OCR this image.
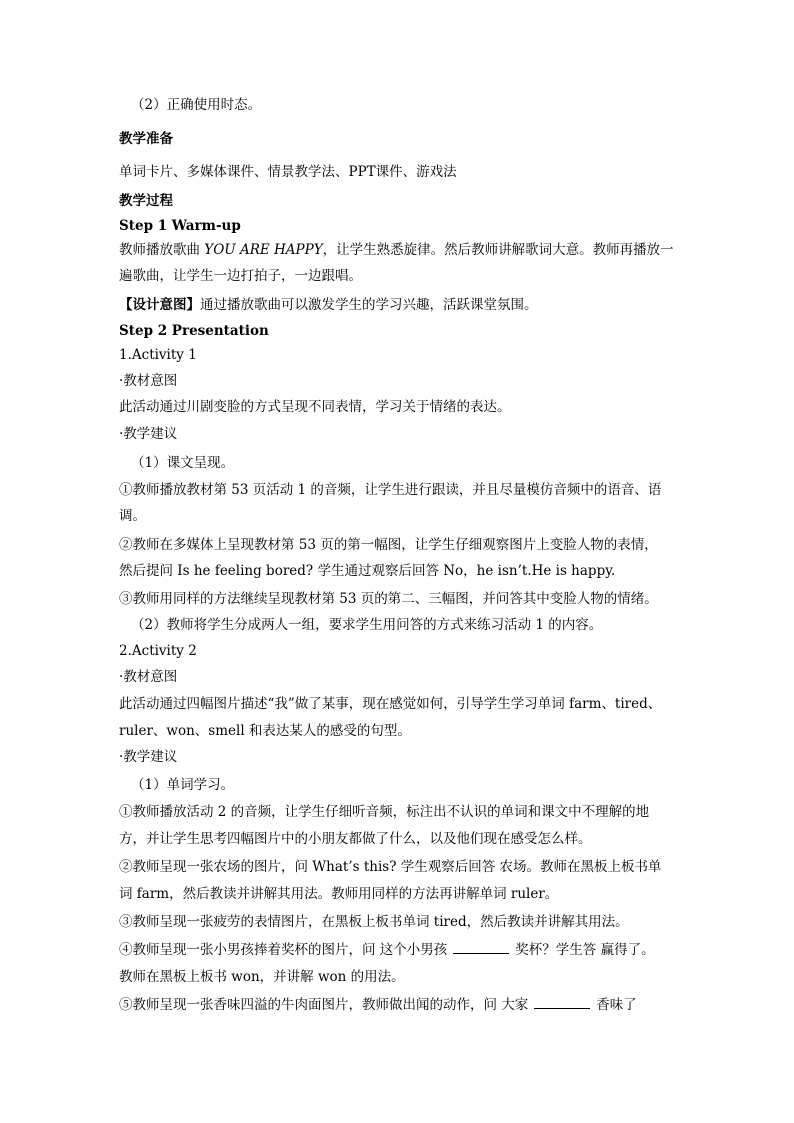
（2）正确使用时态。
教学准备
单词卡片、多媒体课件、情景教学法、PPT课件、游戏法
教学过程
Step 1 Warm-up
教师播放歌曲 YOU ARE HAPPY，让学生熟悉旋律。然后教师讲解歌词大意。教师再播放一
遍歌曲，让学生一边打拍子，一边跟唱。
【设计意图】通过播放歌曲可以激发学生的学习兴趣，活跃课堂氛围。
Step 2 Presentation
1.Activity 1
·教材意图
此活动通过川剧变脸的方式呈现不同表情，学习关于情绪的表达。
·教学建议
（1）课文呈现。
①教师播放教材第 53 页活动 1 的音频，让学生进行跟读，并且尽量模仿音频中的语音、语
调。
②教师在多媒体上呈现教材第 53 页的第一幅图，让学生仔细观察图片上变脸人物的表情，
然后提问 Is he feeling bored? 学生通过观察后回答 No，he isn’t.He is happy.
③教师用同样的方法继续呈现教材第 53 页的第二、三幅图，并问答其中变脸人物的情绪。
（2）教师将学生分成两人一组，要求学生用问答的方式来练习活动 1 的内容。
2.Activity 2
·教材意图
此活动通过四幅图片描述“我”做了某事，现在感觉如何，引导学生学习单词 farm、tired、
ruler、won、smell 和表达某人的感受的句型。
·教学建议
（1）单词学习。
①教师播放活动 2 的音频，让学生仔细听音频，标注出不认识的单词和课文中不理解的地
方，并让学生思考四幅图片中的小朋友都做了什么，以及他们现在感受怎么样。
②教师呈现一张农场的图片，问 What’s this? 学生观察后回答 农场。教师在黑板上板书单
词 farm，然后教读并讲解其用法。教师用同样的方法再讲解单词 ruler。
③教师呈现一张疲劳的表情图片，在黑板上板书单词 tired，然后教读并讲解其用法。
④教师呈现一张小男孩捧着奖杯的图片，问 这个小男孩	奖杯？学生答 赢得了。
教师在黑板上板书 won，并讲解 won 的用法。
⑤教师呈现一张香味四溢的牛肉面图片，教师做出闻的动作，问 大家	香味了
